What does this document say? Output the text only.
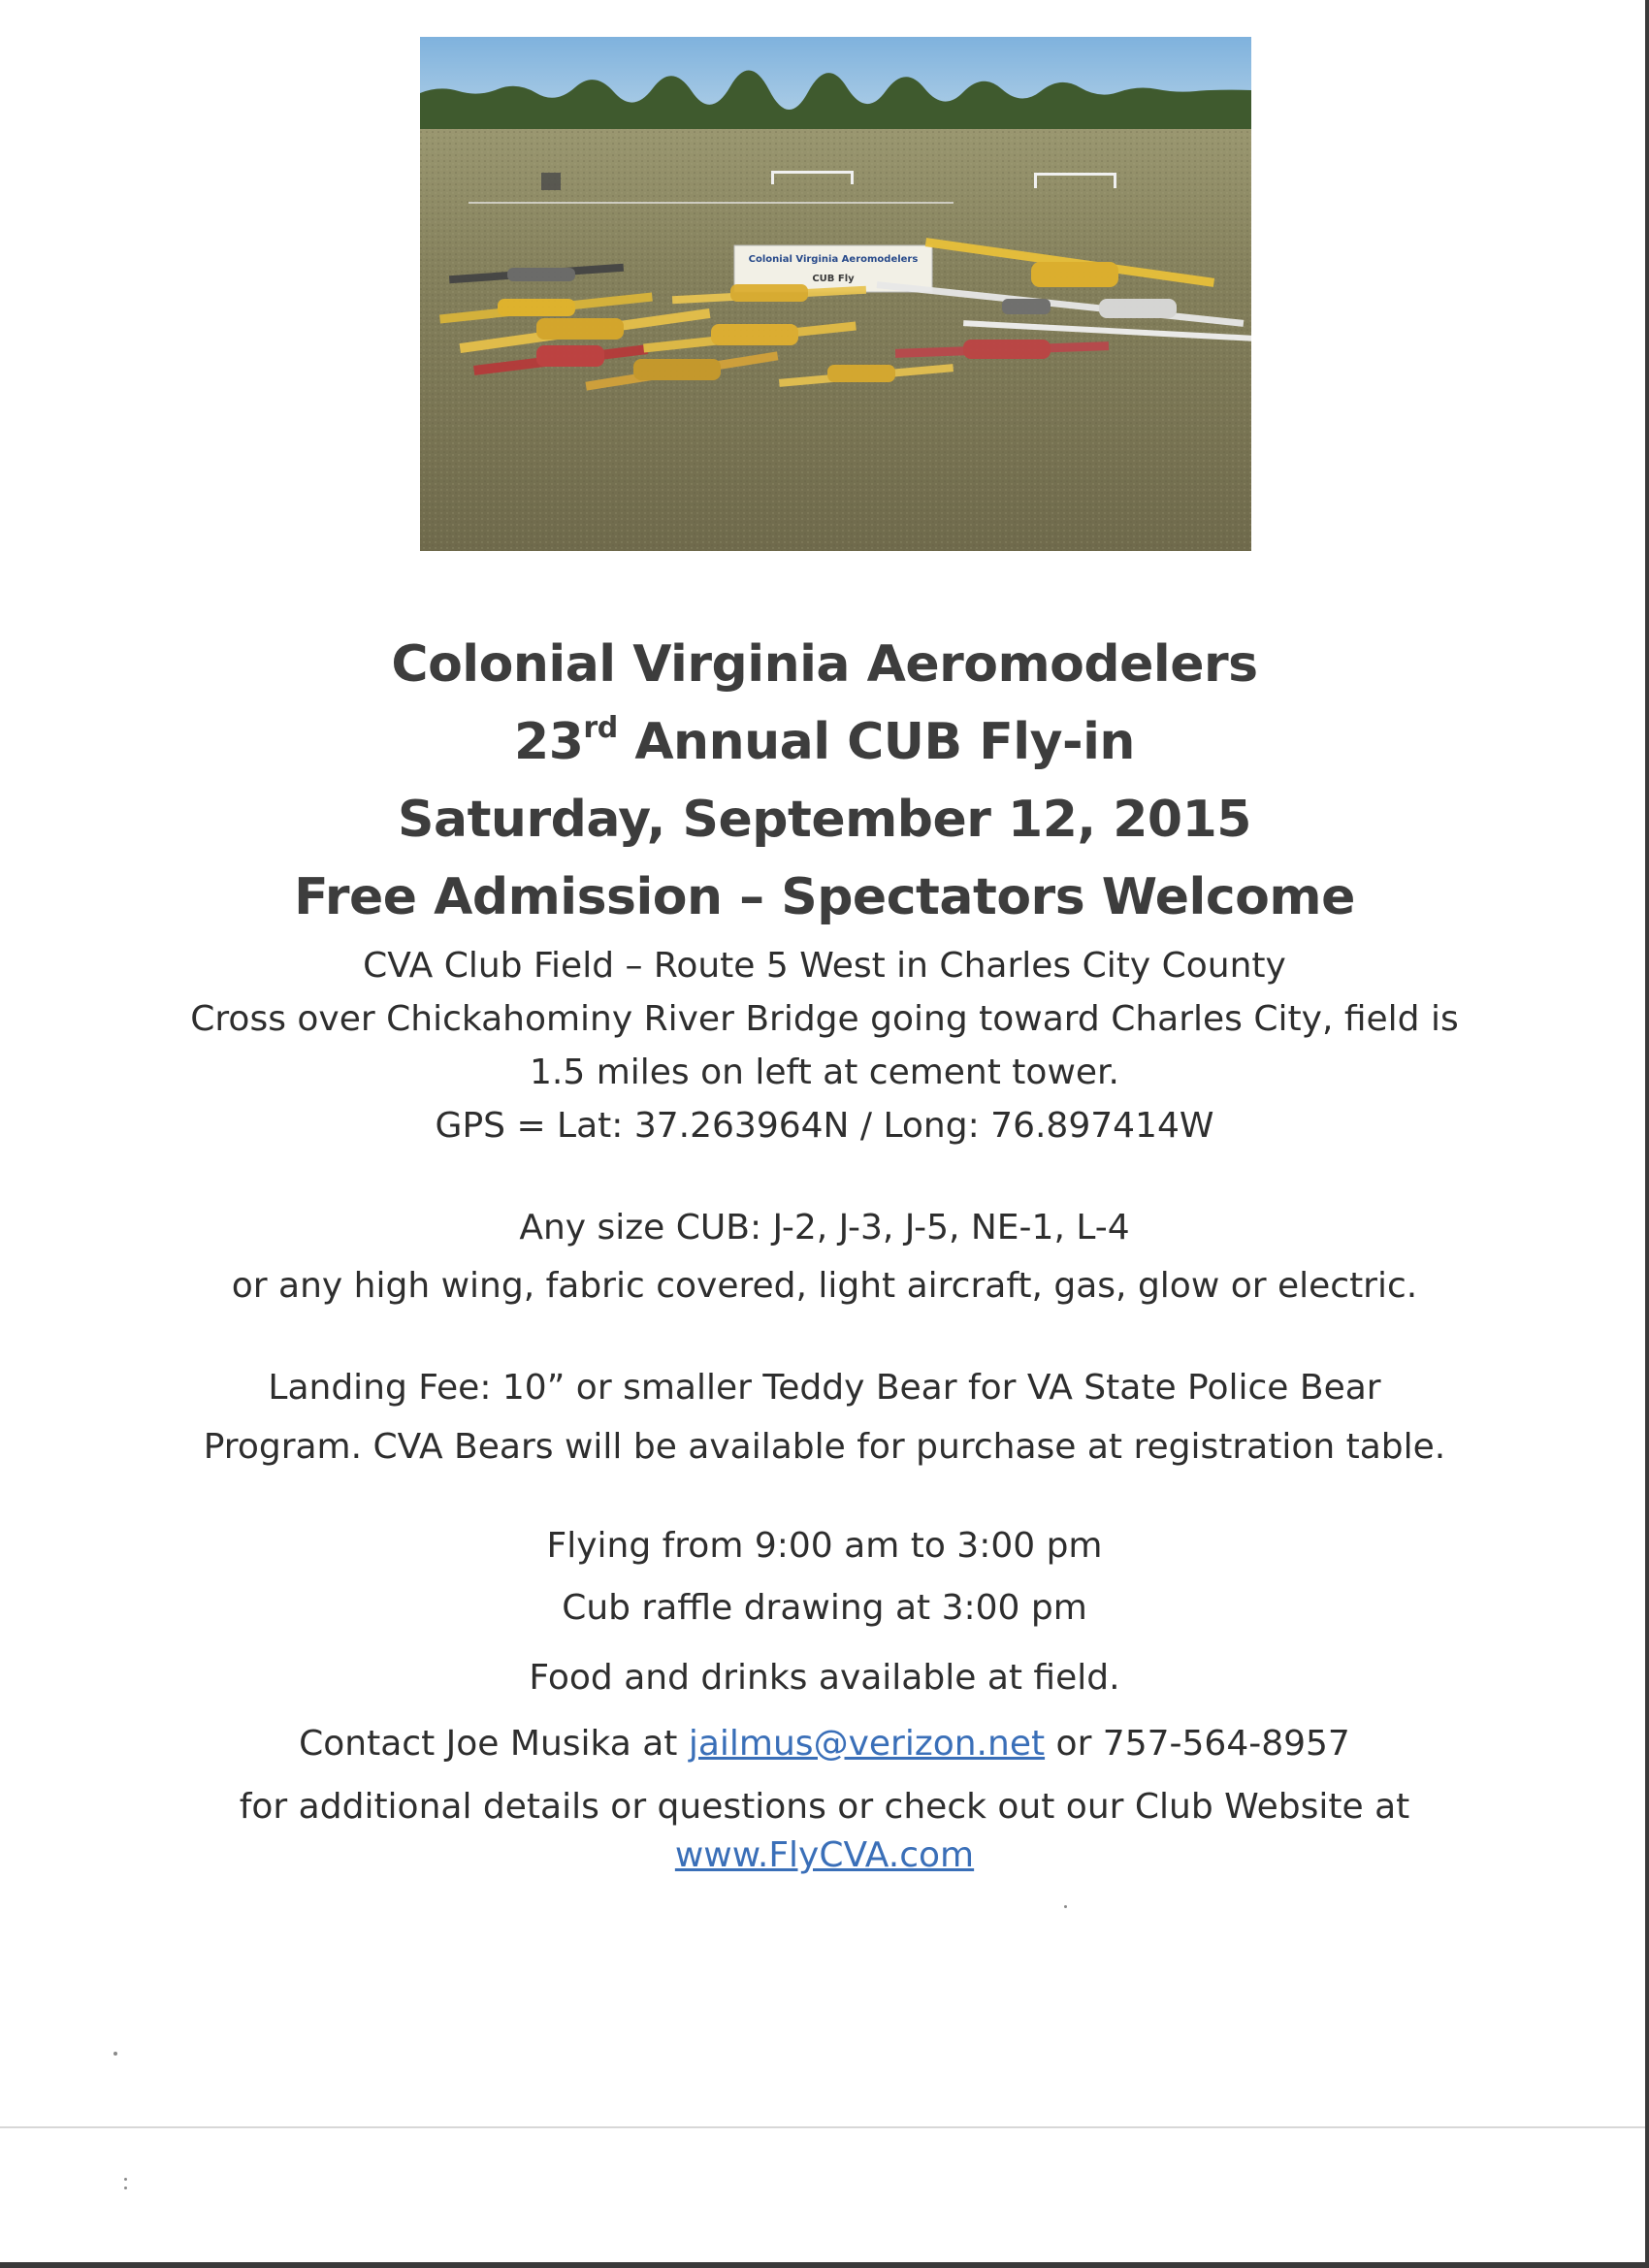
Colonial Virginia Aeromodelers
CUB Fly
Colonial Virginia Aeromodelers
23rd Annual CUB Fly-in
Saturday, September 12, 2015
Free Admission – Spectators Welcome
CVA Club Field – Route 5 West in Charles City County
Cross over Chickahominy River Bridge going toward Charles City, field is
1.5 miles on left at cement tower.
GPS = Lat: 37.263964N / Long: 76.897414W
Any size CUB: J-2, J-3, J-5, NE-1, L-4
or any high wing, fabric covered, light aircraft, gas, glow or electric.
Landing Fee: 10” or smaller Teddy Bear for VA State Police Bear
Program. CVA Bears will be available for purchase at registration table.
Flying from 9:00 am to 3:00 pm
Cub raffle drawing at 3:00 pm
Food and drinks available at field.
Contact Joe Musika at jailmus@verizon.net or 757-564-8957
for additional details or questions or check out our Club Website at
www.FlyCVA.com
